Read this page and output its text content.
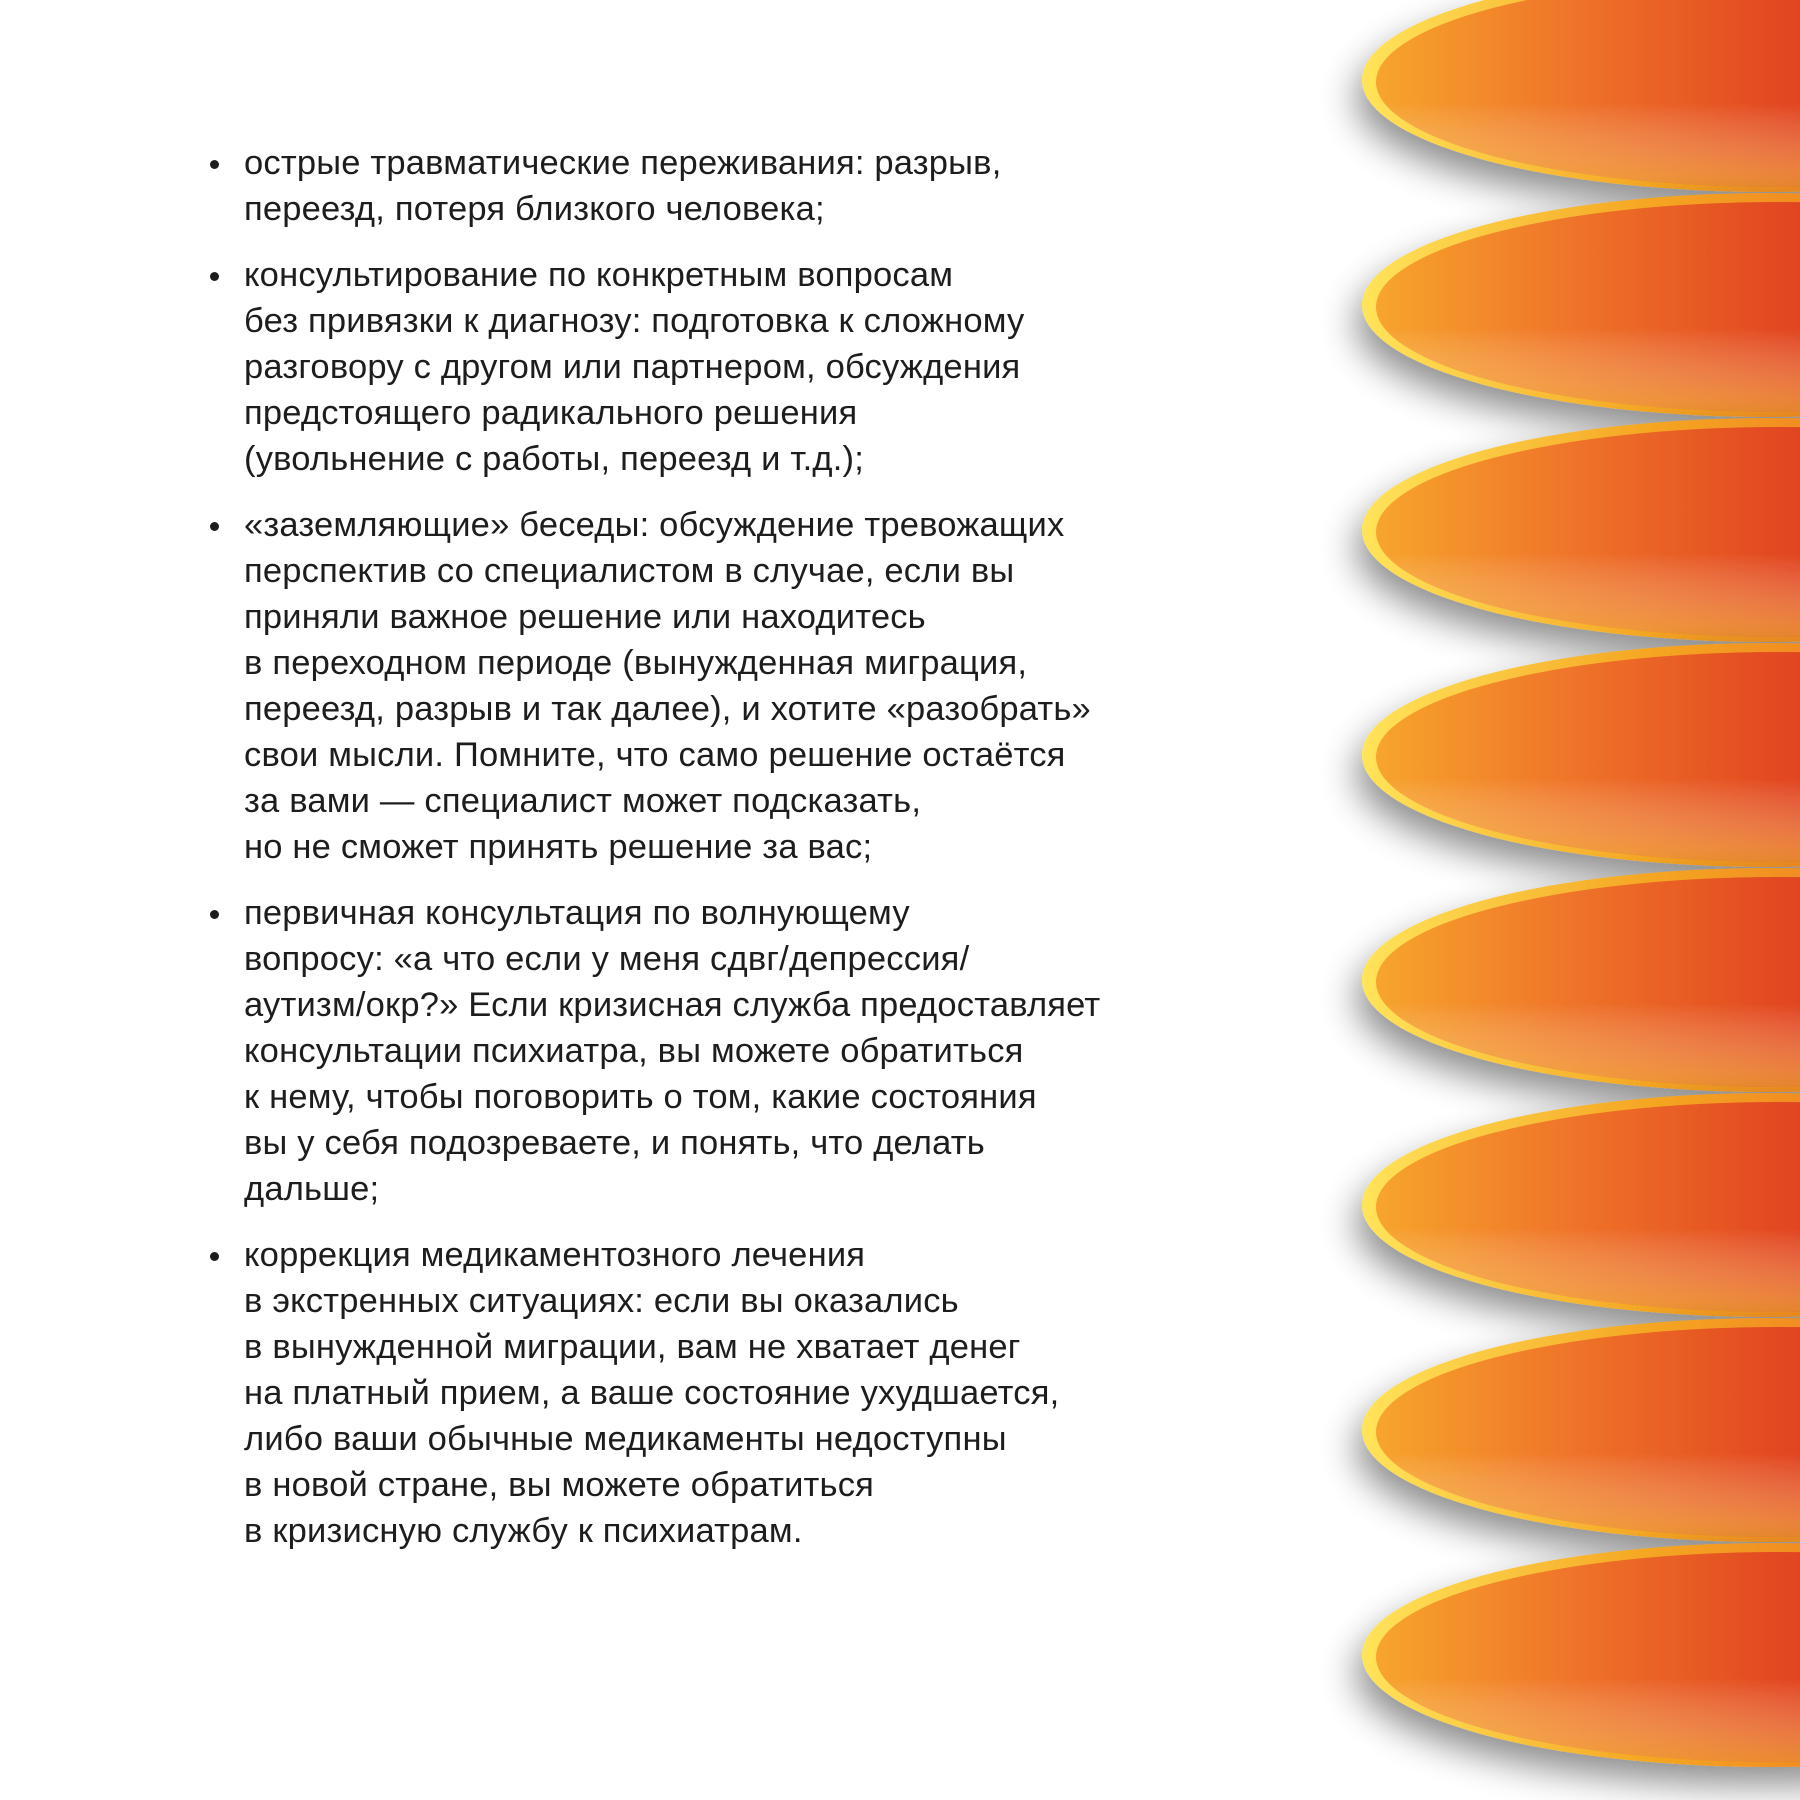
острые травматические переживания: разрыв,
переезд, потеря близкого человека;
консультирование по конкретным вопросам
без привязки к диагнозу: подготовка к сложному
разговору с другом или партнером, обсуждения
предстоящего радикального решения
(увольнение с работы, переезд и т.д.);
«заземляющие» беседы: обсуждение тревожащих
перспектив со специалистом в случае, если вы
приняли важное решение или находитесь
в переходном периоде (вынужденная миграция,
переезд, разрыв и так далее), и хотите «разобрать»
свои мысли. Помните, что само решение остаётся
за вами — специалист может подсказать,
но не сможет принять решение за вас;
первичная консультация по волнующему
вопросу: «а что если у меня сдвг/депрессия/
аутизм/окр?» Если кризисная служба предоставляет
консультации психиатра, вы можете обратиться
к нему, чтобы поговорить о том, какие состояния
вы у себя подозреваете, и понять, что делать
дальше;
коррекция медикаментозного лечения
в экстренных ситуациях: если вы оказались
в вынужденной миграции, вам не хватает денег
на платный прием, а ваше состояние ухудшается,
либо ваши обычные медикаменты недоступны
в новой стране, вы можете обратиться
в кризисную службу к психиатрам.
